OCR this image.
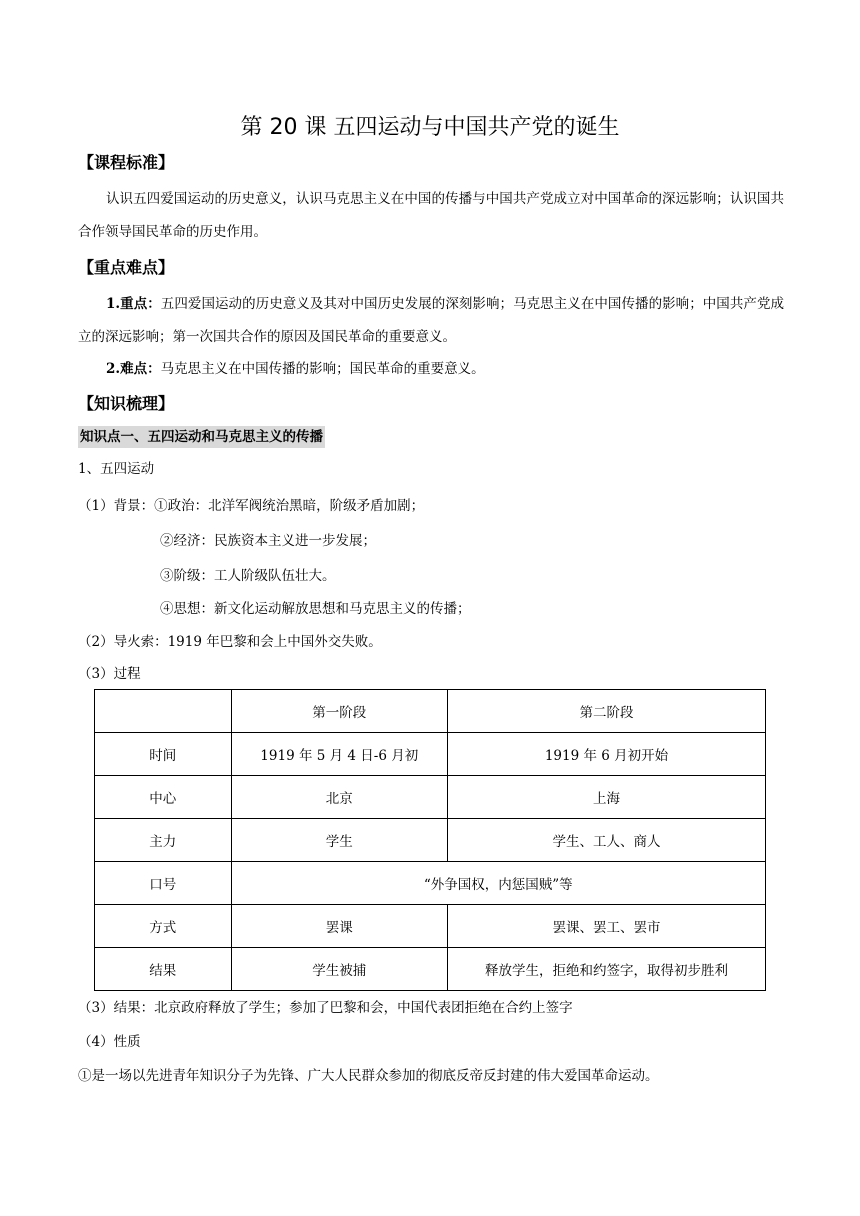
第 20 课 五四运动与中国共产党的诞生
【课程标准】
认识五四爱国运动的历史意义，认识马克思主义在中国的传播与中国共产党成立对中国革命的深远影响；认识国共合作领导国民革命的历史作用。
【重点难点】
1.重点：五四爱国运动的历史意义及其对中国历史发展的深刻影响；马克思主义在中国传播的影响；中国共产党成立的深远影响；第一次国共合作的原因及国民革命的重要意义。
2.难点：马克思主义在中国传播的影响；国民革命的重要意义。
【知识梳理】
知识点一、五四运动和马克思主义的传播
1、五四运动
（1）背景：①政治：北洋军阀统治黑暗，阶级矛盾加剧；
②经济：民族资本主义进一步发展；
③阶级：工人阶级队伍壮大。
④思想：新文化运动解放思想和马克思主义的传播；
（2）导火索：1919 年巴黎和会上中国外交失败。
（3）过程
	第一阶段	第二阶段
时间	1919 年 5 月 4 日-6 月初	1919 年 6 月初开始
中心	北京	上海
主力	学生	学生、工人、商人
口号	“外争国权，内惩国贼”等	
方式	罢课	罢课、罢工、罢市
结果	学生被捕	释放学生，拒绝和约签字，取得初步胜利
（3）结果：北京政府释放了学生；参加了巴黎和会，中国代表团拒绝在合约上签字
（4）性质
①是一场以先进青年知识分子为先锋、广大人民群众参加的彻底反帝反封建的伟大爱国革命运动。
